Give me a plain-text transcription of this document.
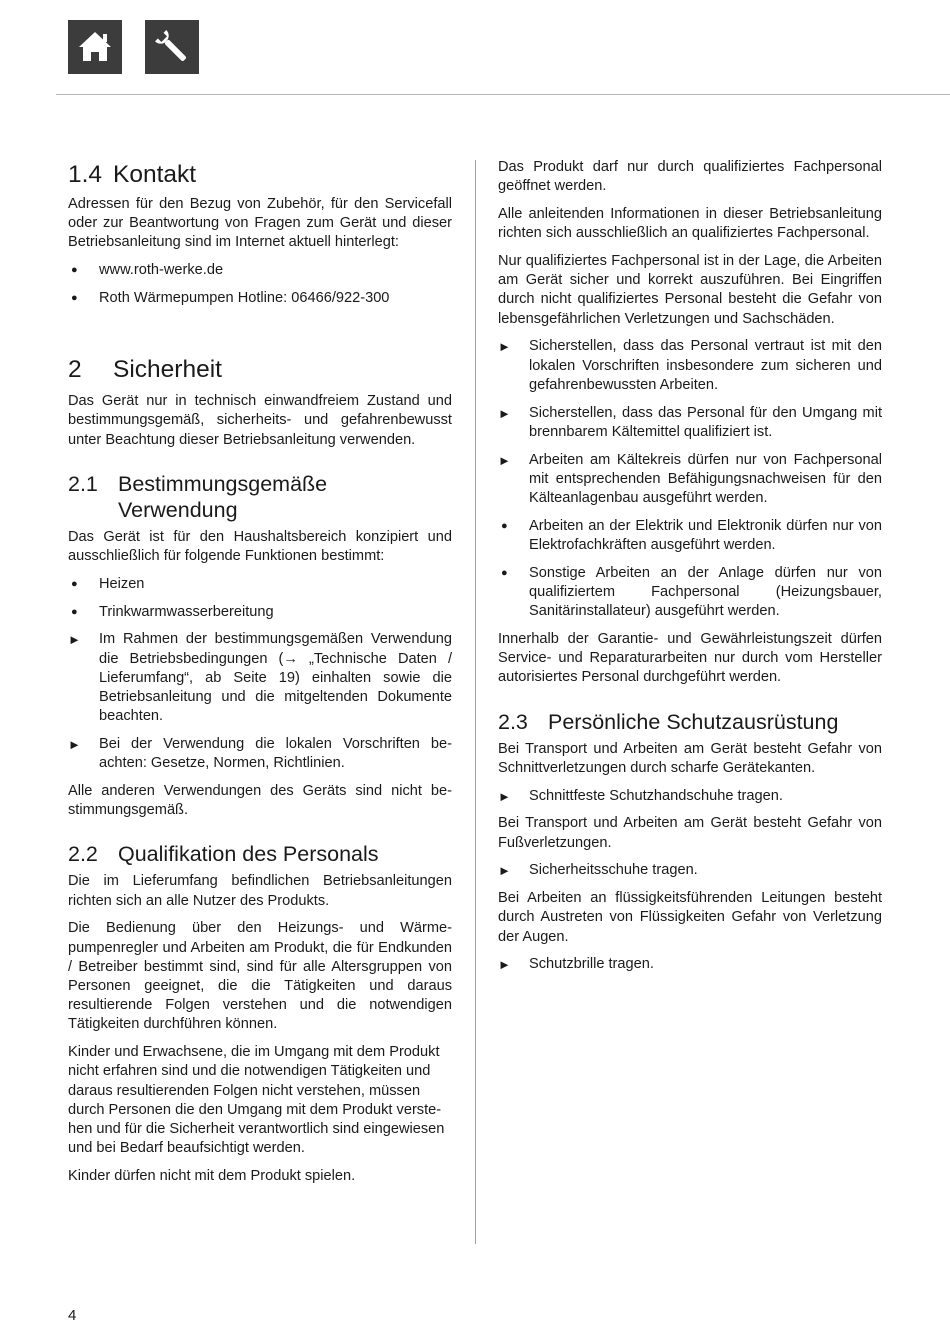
1.4 Kontakt

Adressen für den Bezug von Zubehör, für den Servicefall oder zur Beantwortung von Fragen zum Gerät und dieser Betriebsanleitung sind im Internet aktuell hinterlegt:

● www.roth-werke.de
● Roth Wärmepumpen Hotline: 06466/922-300
2	Sicherheit

Das Gerät nur in technisch einwandfreiem Zustand und bestimmungsgemäß, sicherheits- und gefahrenbewusst unter Beachtung dieser Betriebsanleitung verwenden.

2.1 Bestimmungsgemäße
Verwendung

Das Gerät ist für den Haushaltsbereich konzipiert und ausschließlich für folgende Funktionen bestimmt:

● Heizen
● Trinkwarmwasserbereitung
► Im Rahmen der bestimmungsgemäßen Verwendung die Betriebsbedingungen (→ „Technische Daten / Lieferumfang“, ab Seite 19) einhalten sowie die Betriebsanleitung und die mitgeltenden Dokumente beachten.
► Bei der Verwendung die lokalen Vorschriften beachten: Gesetze, Normen, Richtlinien.

Alle anderen Verwendungen des Geräts sind nicht bestimmungsgemäß.

2.2 Qualifikation des Personals

Die im Lieferumfang befindlichen Betriebsanleitungen richten sich an alle Nutzer des Produkts.

Die Bedienung über den Heizungs- und Wärmepumpenregler und Arbeiten am Produkt, die für Endkunden / Betreiber bestimmt sind, sind für alle Altersgruppen von Personen geeignet, die die Tätigkeiten und daraus resultierende Folgen verstehen und die notwendigen Tätigkeiten durchführen können.

Kinder und Erwachsene, die im Umgang mit dem Produkt nicht erfahren sind und die notwendigen Tätigkeiten und daraus resultierenden Folgen nicht verstehen, müssen durch Personen die den Umgang mit dem Produkt verstehen und für die Sicherheit verantwortlich sind eingewiesen und bei Bedarf beaufsichtigt werden.

Kinder dürfen nicht mit dem Produkt spielen.

Das Produkt darf nur durch qualifiziertes Fachpersonal geöffnet werden.

Alle anleitenden Informationen in dieser Betriebsanleitung richten sich ausschließlich an qualifiziertes Fachpersonal.

Nur qualifiziertes Fachpersonal ist in der Lage, die Arbeiten am Gerät sicher und korrekt auszuführen. Bei Eingriffen durch nicht qualifiziertes Personal besteht die Gefahr von lebensgefährlichen Verletzungen und Sachschäden.

► Sicherstellen, dass das Personal vertraut ist mit den lokalen Vorschriften insbesondere zum sicheren und gefahrenbewussten Arbeiten.
► Sicherstellen, dass das Personal für den Umgang mit brennbarem Kältemittel qualifiziert ist.
► Arbeiten am Kältekreis dürfen nur von Fachpersonal mit entsprechenden Befähigungsnachweisen für den Kälteanlagenbau ausgeführt werden.
● Arbeiten an der Elektrik und Elektronik dürfen nur von Elektrofachkräften ausgeführt werden.
● Sonstige Arbeiten an der Anlage dürfen nur von qualifiziertem Fachpersonal (Heizungsbauer, Sanitärinstallateur) ausgeführt werden.

Innerhalb der Garantie- und Gewährleistungszeit dürfen Service- und Reparaturarbeiten nur durch vom Hersteller autorisiertes Personal durchgeführt werden.

2.3 Persönliche Schutzausrüstung

Bei Transport und Arbeiten am Gerät besteht Gefahr von Schnittverletzungen durch scharfe Gerätekanten.

► Schnittfeste Schutzhandschuhe tragen.

Bei Transport und Arbeiten am Gerät besteht Gefahr von Fußverletzungen.

► Sicherheitsschuhe tragen.

Bei Arbeiten an flüssigkeitsführenden Leitungen besteht durch Austreten von Flüssigkeiten Gefahr von Verletzung der Augen.

► Schutzbrille tragen.
4
